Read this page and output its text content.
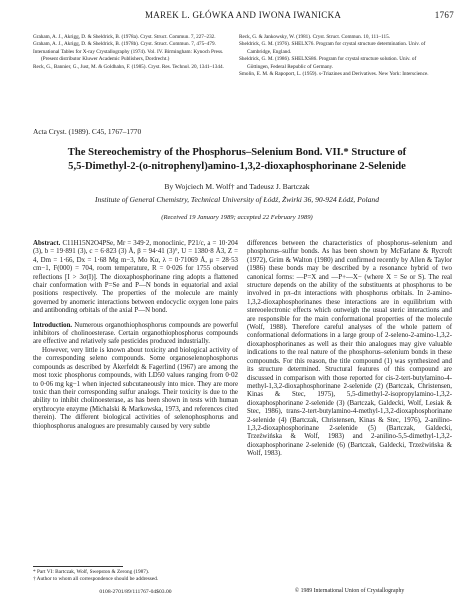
MAREK L. GŁÓWKA AND IWONA IWANICKA	1767

Graham, A. J., Akrigg, D. & Sheldrick, B. (1978a). Cryst. Struct. Commun. 7, 227–232.

Graham, A. J., Akrigg, D. & Sheldrick, B. (1978b). Cryst. Struct. Commun. 7, 475–479.

International Tables for X-ray Crystallography (1974). Vol. IV. Birmingham: Kynoch Press. (Present distributor Kluwer Academic Publishers, Dordrecht.)

Reck, G., Bannier, G., Just, M. & Goldhahn, F. (1985). Cryst. Res. Technol. 20, 1341–1344.

Reck, G. & Jankowsky, W. (1981). Cryst. Struct. Commun. 10, 111–115.

Sheldrick, G. M. (1976). SHELX76. Program for crystal structure determination. Univ. of Cambridge, England.

Sheldrick, G. M. (1986). SHELXS86. Program for crystal structure solution. Univ. of Göttingen, Federal Republic of Germany.

Smolin, E. M. & Rapoport, L. (1959). s-Triazines and Derivatives. New York: Interscience.

Acta Cryst. (1989). C45, 1767–1770
The Stereochemistry of the Phosphorus–Selenium Bond. VII.* Structure of
5,5-Dimethyl-2-(o-nitrophenyl)amino-1,3,2-dioxaphosphorinane 2-Selenide
By Wojciech M. Wolf† and Tadeusz J. Bartczak
Institute of General Chemistry, Technical University of Łódź, Żwirki 36, 90-924 Łódź, Poland
(Received 19 January 1989; accepted 22 February 1989)

Abstract. C11H15N2O4PSe, Mr = 349·2, monoclinic, P21/c, a = 10·204 (3), b = 19·891 (3), c = 6·823 (3) Å, β = 94·41 (3)°, U = 1380·8 Å3, Z = 4, Dm = 1·66, Dx = 1·68 Mg m−3, Mo Kα, λ = 0·71069 Å, μ = 28·53 cm−1, F(000) = 704, room temperature, R = 0·026 for 1755 observed reflections [I > 3σ(I)]. The dioxaphosphorinane ring adopts a flattened chair conformation with P=Se and P—N bonds in equatorial and axial positions respectively. The properties of the molecule are mainly governed by anomeric interactions between endocyclic oxygen lone pairs and antibonding orbitals of the axial P—N bond.

Introduction. Numerous organothiophosphorus compounds are powerful inhibitors of cholinoesterase. Certain organothiophosphorus compounds are effective and relatively safe pesticides produced industrially.

However, very little is known about toxicity and biological activity of the corresponding seleno compounds. Some organoselenophosphorus compounds as described by Åkerfeldt & Fagerlind (1967) are among the most toxic phosphorus compounds, with LD50 values ranging from 0·02 to 0·06 mg kg−1 when injected subcutaneously into mice. They are more toxic than their corresponding sulfur analogs. Their toxicity is due to the ability to inhibit cholinoesterase, as has been shown in tests with human erythrocyte enzyme (Michalski & Markowska, 1973, and references cited therein). The different biological activities of selenophosphorus and thiophosphorus analogues are presumably caused by very subtle

differences between the characteristics of phosphorus–selenium and phosphorus–sulfur bonds. As has been shown by McFarlane & Rycroft (1972), Grim & Walton (1980) and confirmed recently by Allen & Taylor (1986) these bonds may be described by a resonance hybrid of two canonical forms: —P=X and —P+—X− (where X = Se or S). The real structure depends on the ability of the substituents at phosphorus to be involved in pπ–dπ interactions with phosphorus orbitals. In 2-amino-1,3,2-dioxaphosphorinanes these interactions are in equilibrium with stereoelectronic effects which outweigh the usual steric interactions and are responsible for the main conformational properties of the molecule (Wolf, 1988). Therefore careful analyses of the whole pattern of conformational deformations in a large group of 2-seleno-2-amino-1,3,2-dioxaphosphorinanes as well as their thio analogues may give valuable indications to the real nature of the phosphorus–selenium bonds in these compounds. For this reason, the title compound (1) was synthesized and its structure determined. Structural features of this compound are discussed in comparison with those reported for cis-2-tert-butylamino-4-methyl-1,3,2-dioxaphosphorinane 2-selenide (2) (Bartczak, Christensen, Kinas & Stec, 1975), 5,5-dimethyl-2-isopropylamino-1,3,2-dioxaphosphorinane 2-selenide (3) (Bartczak, Galdecki, Wolf, Lesiak & Stec, 1986), trans-2-tert-butylamino-4-methyl-1,3,2-dioxaphosphorinane 2-selenide (4) (Bartczak, Christensen, Kinas & Stec, 1976), 2-anilino-1,3,2-dioxaphosphorinane 2-selenide (5) (Bartczak, Galdecki, Trzeźwińska & Wolf, 1983) and 2-anilino-5,5-dimethyl-1,3,2-dioxaphosphorinane 2-selenide (6) (Bartczak, Galdecki, Trzeźwińska & Wolf, 1983).

* Part VI: Bartczak, Wolf, Swepston & Zerong (1987).

† Author to whom all correspondence should be addressed.

0108-2701/89/111767-04$03.00	© 1989 International Union of Crystallography
